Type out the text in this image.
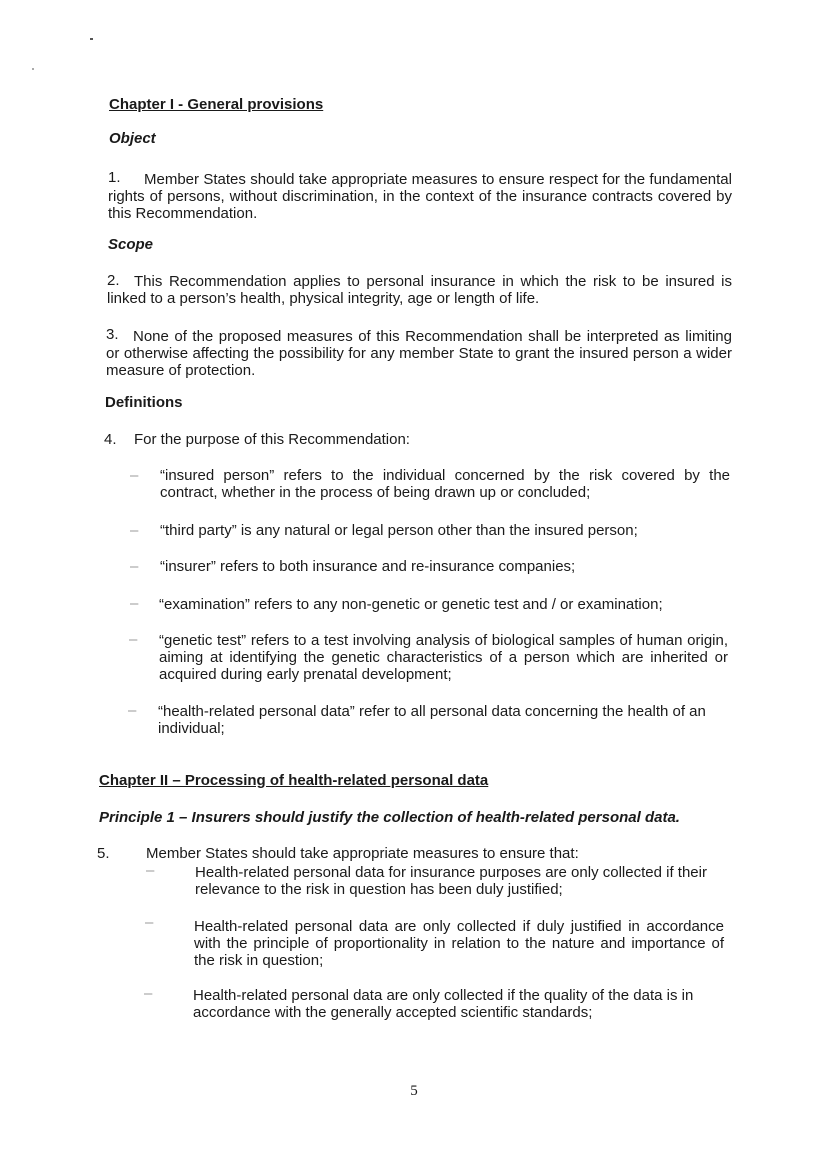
Chapter I - General provisions
Object
1.	Member States should take appropriate measures to ensure respect for the fundamental rights of persons, without discrimination, in the context of the insurance contracts covered by this Recommendation.
Scope
2. This Recommendation applies to personal insurance in which the risk to be insured is linked to a person’s health, physical integrity, age or length of life.
3. None of the proposed measures of this Recommendation shall be interpreted as limiting or otherwise affecting the possibility for any member State to grant the insured person a wider measure of protection.
Definitions
4. For the purpose of this Recommendation:
– “insured person” refers to the individual concerned by the risk covered by the contract, whether in the process of being drawn up or concluded;
– “third party” is any natural or legal person other than the insured person;
– “insurer” refers to both insurance and re-insurance companies;
– “examination” refers to any non-genetic or genetic test and / or examination;
– “genetic test” refers to a test involving analysis of biological samples of human origin, aiming at identifying the genetic characteristics of a person which are inherited or acquired during early prenatal development;
– “health-related personal data” refer to all personal data concerning the health of an individual;
Chapter II – Processing of health-related personal data
Principle 1 – Insurers should justify the collection of health-related personal data.
5. Member States should take appropriate measures to ensure that:
–	Health-related personal data for insurance purposes are only collected if their relevance to the risk in question has been duly justified;
–	Health-related personal data are only collected if duly justified in accordance with the principle of proportionality in relation to the nature and importance of the risk in question;
–	Health-related personal data are only collected if the quality of the data is in accordance with the generally accepted scientific standards;
5
